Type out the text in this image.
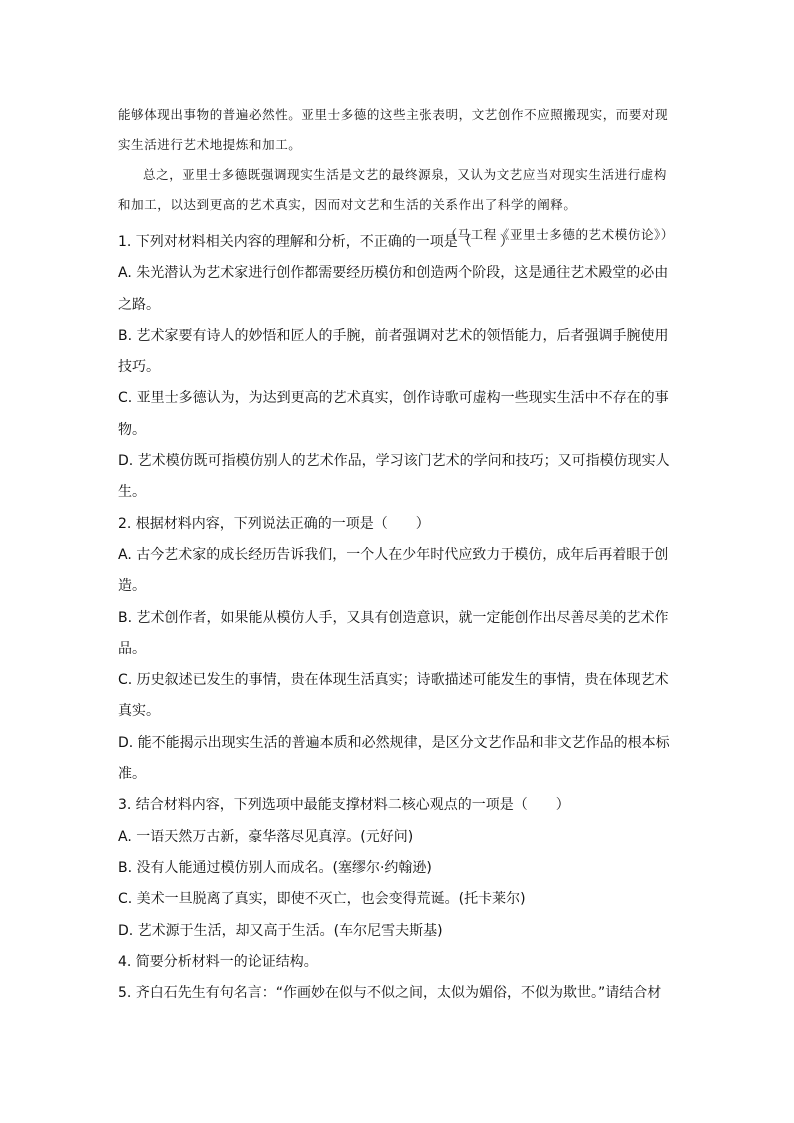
能够体现出事物的普遍必然性。亚里士多德的这些主张表明，文艺创作不应照搬现实，而要对现实生活进行艺术地提炼和加工。

总之，亚里士多德既强调现实生活是文艺的最终源泉，又认为文艺应当对现实生活进行虚构和加工，以达到更高的艺术真实，因而对文艺和生活的关系作出了科学的阐释。

（马工程《亚里士多德的艺术模仿论》）

1. 下列对材料相关内容的理解和分析，不正确的一项是（　　）

A. 朱光潜认为艺术家进行创作都需要经历模仿和创造两个阶段，这是通往艺术殿堂的必由之路。

B. 艺术家要有诗人的妙悟和匠人的手腕，前者强调对艺术的领悟能力，后者强调手腕使用技巧。

C. 亚里士多德认为，为达到更高的艺术真实，创作诗歌可虚构一些现实生活中不存在的事物。

D. 艺术模仿既可指模仿别人的艺术作品，学习该门艺术的学问和技巧；又可指模仿现实人生。

2. 根据材料内容，下列说法正确的一项是（　　）

A. 古今艺术家的成长经历告诉我们，一个人在少年时代应致力于模仿，成年后再着眼于创造。

B. 艺术创作者，如果能从模仿人手，又具有创造意识，就一定能创作出尽善尽美的艺术作品。

C. 历史叙述已发生的事情，贵在体现生活真实；诗歌描述可能发生的事情，贵在体现艺术真实。

D. 能不能揭示出现实生活的普遍本质和必然规律，是区分文艺作品和非文艺作品的根本标准。

3. 结合材料内容，下列选项中最能支撑材料二核心观点的一项是（　　）

A. 一语天然万古新，豪华落尽见真淳。(元好问)

B. 没有人能通过模仿别人而成名。(塞缪尔·约翰逊)

C. 美术一旦脱离了真实，即使不灭亡，也会变得荒诞。(托卡莱尔)

D. 艺术源于生活，却又高于生活。(车尔尼雪夫斯基)

4. 简要分析材料一的论证结构。

5. 齐白石先生有句名言：“作画妙在似与不似之间，太似为媚俗，不似为欺世。”请结合材
